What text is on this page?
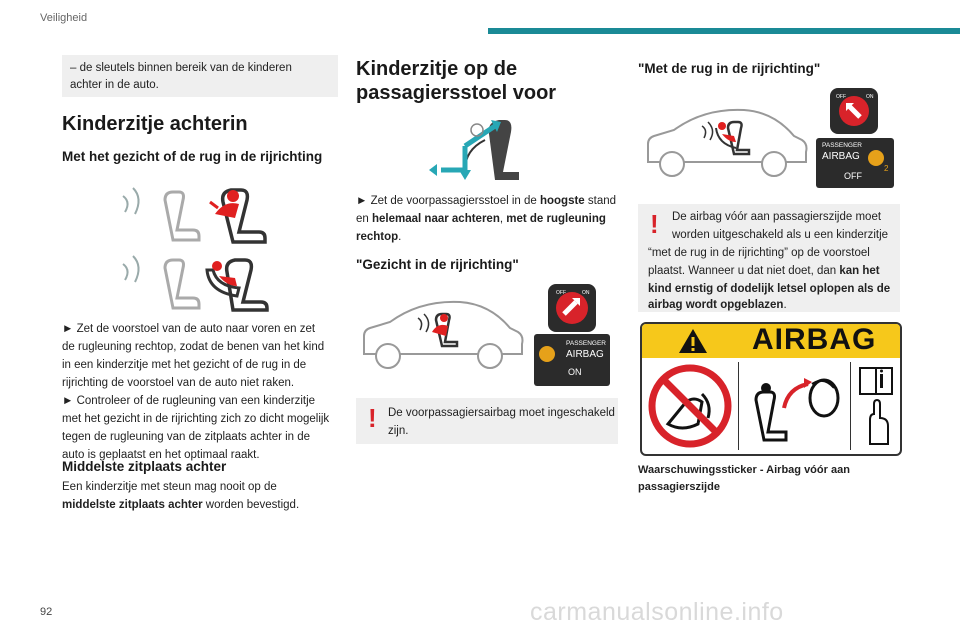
Veiligheid
– de sleutels binnen bereik van de kinderen
achter in de auto.
Kinderzitje achterin
Met het gezicht of de rug in de rijrichting
► Zet de voorstoel van de auto naar voren en zet
de rugleuning rechtop, zodat de benen van het kind
in een kinderzitje met het gezicht of de rug in de
rijrichting de voorstoel van de auto niet raken.
► Controleer of de rugleuning van een kinderzitje
met het gezicht in de rijrichting zich zo dicht mogelijk
tegen de rugleuning van de zitplaats achter in de
auto is geplaatst en het optimaal raakt.
Middelste zitplaats achter
Een kinderzitje met steun mag nooit op de
middelste zitplaats achter worden bevestigd.
Kinderzitje op de
passagiersstoel voor
► Zet de voorpassagiersstoel in de hoogste stand
en helemaal naar achteren, met de rugleuning
rechtop.
"Gezicht in de rijrichting"
OFF	ON
PASSENGER
AIRBAG
ON
! De voorpassagiersairbag moet ingeschakeld
zijn.
"Met de rug in de rijrichting"
OFF	ON
PASSENGER
AIRBAG
2
OFF
! De airbag vóór aan passagierszijde moet
worden uitgeschakeld als u een kinderzitje
“met de rug in de rijrichting” op de voorstoel
plaatst. Wanneer u dat niet doet, dan kan het
kind ernstig of dodelijk letsel oplopen als de
airbag wordt opgeblazen.
AIRBAG
Waarschuwingssticker - Airbag vóór aan
passagierszijde
92	carmanualsonline.info
